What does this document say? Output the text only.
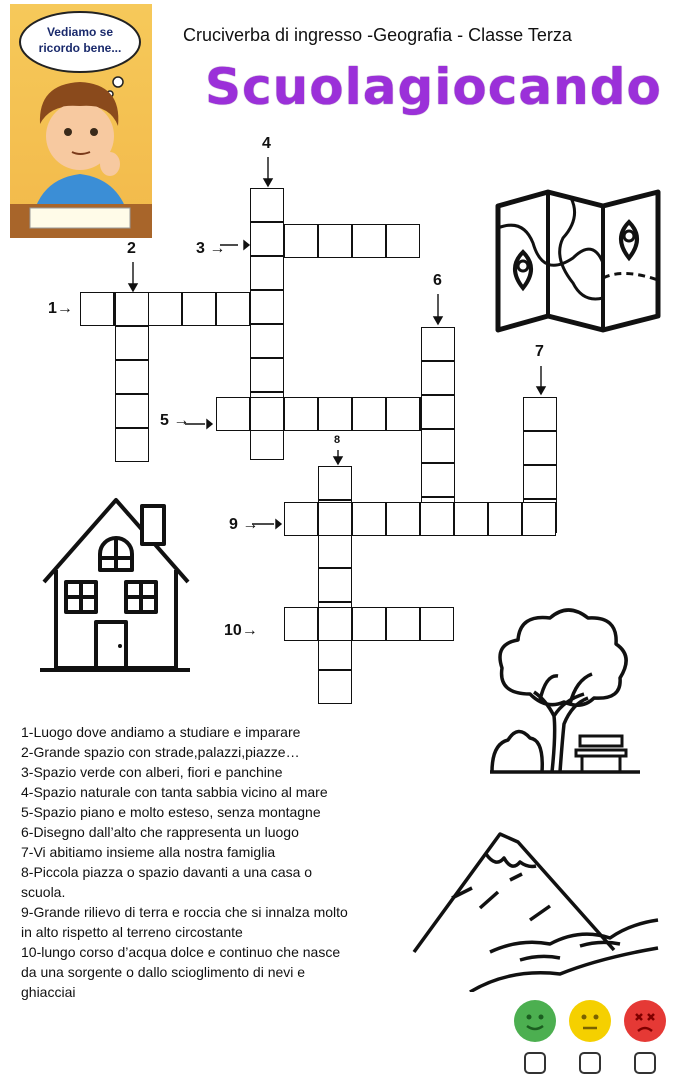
Vediamo se
ricordo bene...
Cruciverba di ingresso -Geografia - Classe Terza
Scuolagiocando
1→
2	3 →
4
5 →
6
7
8
9 →
10→
1-Luogo dove andiamo a studiare e imparare
2-Grande spazio con strade,palazzi,piazze…
3-Spazio verde con alberi, fiori e panchine
4-Spazio naturale con tanta sabbia vicino al mare
5-Spazio piano e molto esteso, senza montagne
6-Disegno dall’alto che rappresenta un luogo
7-Vi abitiamo insieme alla nostra famiglia
8-Piccola piazza o spazio davanti a una casa o scuola.
9-Grande rilievo di terra e roccia che si innalza molto in alto rispetto al terreno circostante
10-lungo corso d’acqua dolce e continuo che nasce da una sorgente o dallo scioglimento di nevi e ghiacciai
